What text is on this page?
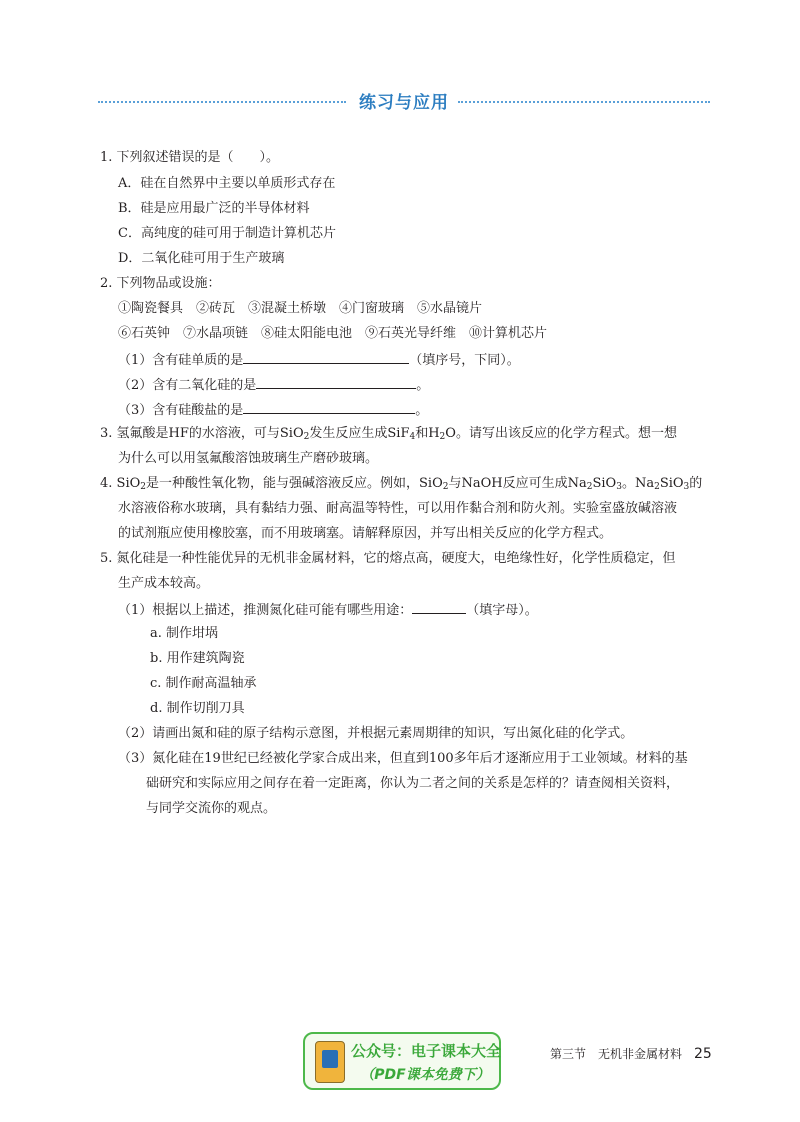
练习与应用
1. 下列叙述错误的是（　　）。
A．硅在自然界中主要以单质形式存在
B．硅是应用最广泛的半导体材料
C．高纯度的硅可用于制造计算机芯片
D．二氧化硅可用于生产玻璃
2. 下列物品或设施：
①陶瓷餐具　②砖瓦　③混凝土桥墩　④门窗玻璃　⑤水晶镜片
⑥石英钟　⑦水晶项链　⑧硅太阳能电池　⑨石英光导纤维　⑩计算机芯片
（1）含有硅单质的是	（填序号，下同）。
（2）含有二氧化硅的是	。
（3）含有硅酸盐的是	。
3. 氢氟酸是HF的水溶液，可与SiO$_2$发生反应生成SiF$_4$和$H_2O$。请写出该反应的化学方程式。想一想
为什么可以用氢氟酸溶蚀玻璃生产磨砂玻璃。
4. SiO$_2$是一种酸性氧化物，能与强碱溶液反应。例如，SiO$_2$与NaOH反应可生成$Na_2SiO_3$。$Na_2SiO_3$的
水溶液俗称水玻璃，具有黏结力强、耐高温等特性，可以用作黏合剂和防火剂。实验室盛放碱溶液
的试剂瓶应使用橡胶塞，而不用玻璃塞。请解释原因，并写出相关反应的化学方程式。
5. 氮化硅是一种性能优异的无机非金属材料，它的熔点高，硬度大，电绝缘性好，化学性质稳定，但
生产成本较高。
（1）根据以上描述，推测氮化硅可能有哪些用途：	（填字母）。
a. 制作坩埚
b. 用作建筑陶瓷
c. 制作耐高温轴承
d. 制作切削刀具
（2）请画出氮和硅的原子结构示意图，并根据元素周期律的知识，写出氮化硅的化学式。
（3）氮化硅在19世纪已经被化学家合成出来，但直到100多年后才逐渐应用于工业领域。材料的基
础研究和实际应用之间存在着一定距离，你认为二者之间的关系是怎样的？请查阅相关资料，
与同学交流你的观点。
公众号：电子课本大全
（PDF课本免费下）
第三节　无机非金属材料 25
